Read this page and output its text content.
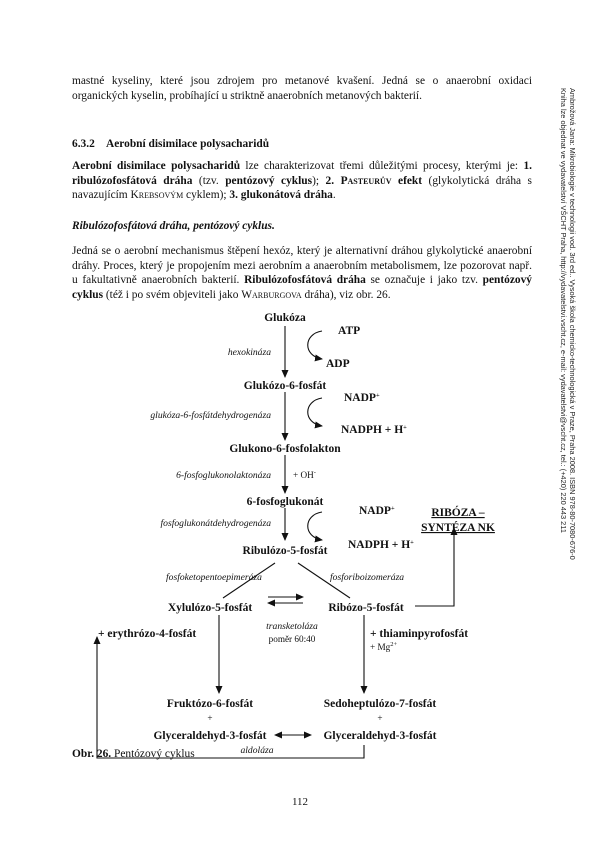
mastné kyseliny, které jsou zdrojem pro metanové kvašení. Jedná se o anaerobní oxidaci organických kyselin, probíhající u striktně anaerobních metanových bakterií.
6.3.2 Aerobní disimilace polysacharidů
Aerobní disimilace polysacharidů lze charakterizovat třemi důležitými procesy, kterými je: 1. ribulózofosfátová dráha (tzv. pentózový cyklus); 2. Pasteurův efekt (glykolytická dráha s navazujícím Krebsovým cyklem); 3. glukonátová dráha.
Ribulózofosfátová dráha, pentózový cyklus.
Jedná se o aerobní mechanismus štěpení hexóz, který je alternativní dráhou glykolytické anaerobní dráhy. Proces, který je propojením mezi aerobním a anaerobním metabolismem, lze pozorovat např. u fakultativně anaerobních bakterií. Ribulózofosfátová dráha se označuje i jako tzv. pentózový cyklus (též i po svém objeviteli jako Warburgova dráha), viz obr. 26.
Glukóza
ATP
ADP
hexokináza
Glukózo-6-fosfát
NADP+
NADPH + H+
glukóza-6-fosfátdehydrogenáza
Glukono-6-fosfolakton
6-fosfoglukonolaktonáza + OH-
6-fosfoglukonát
NADP+
NADPH + H+
fosfoglukonátdehydrogenáza
Ribulózo-5-fosfát
RIBÓZA –
SYNTÉZA NK
fosfoketopentoepimeráza	fosforiboizomeráza
Xylulózo-5-fosfát	Ribózo-5-fosfát
transketoláza
poměr 60:40
+ erythrózo-4-fosfát	+ thiaminpyrofosfát
+ $Mg^{2+}$
Fruktózo-6-fosfát
+
Glyceraldehyd-3-fosfát
Sedoheptulózo-7-fosfát
+
Glyceraldehyd-3-fosfát
aldoláza
Obr. 26. Pentózový cyklus
112
Ambrožová Jana: Mikrobiologie v technologii vod. 3rd ed.. Vysoká škola chemicko-technologická v Praze, Praha 2008. ISBN 978-80-7080-676-0
Kniha lze objednat ve vydavatelství VŠCHT Praha, http://vydavatelstvi.vscht.cz, e-mail: vydavatelstvi@vscht.cz, tel.: (+420) 220 443 211
